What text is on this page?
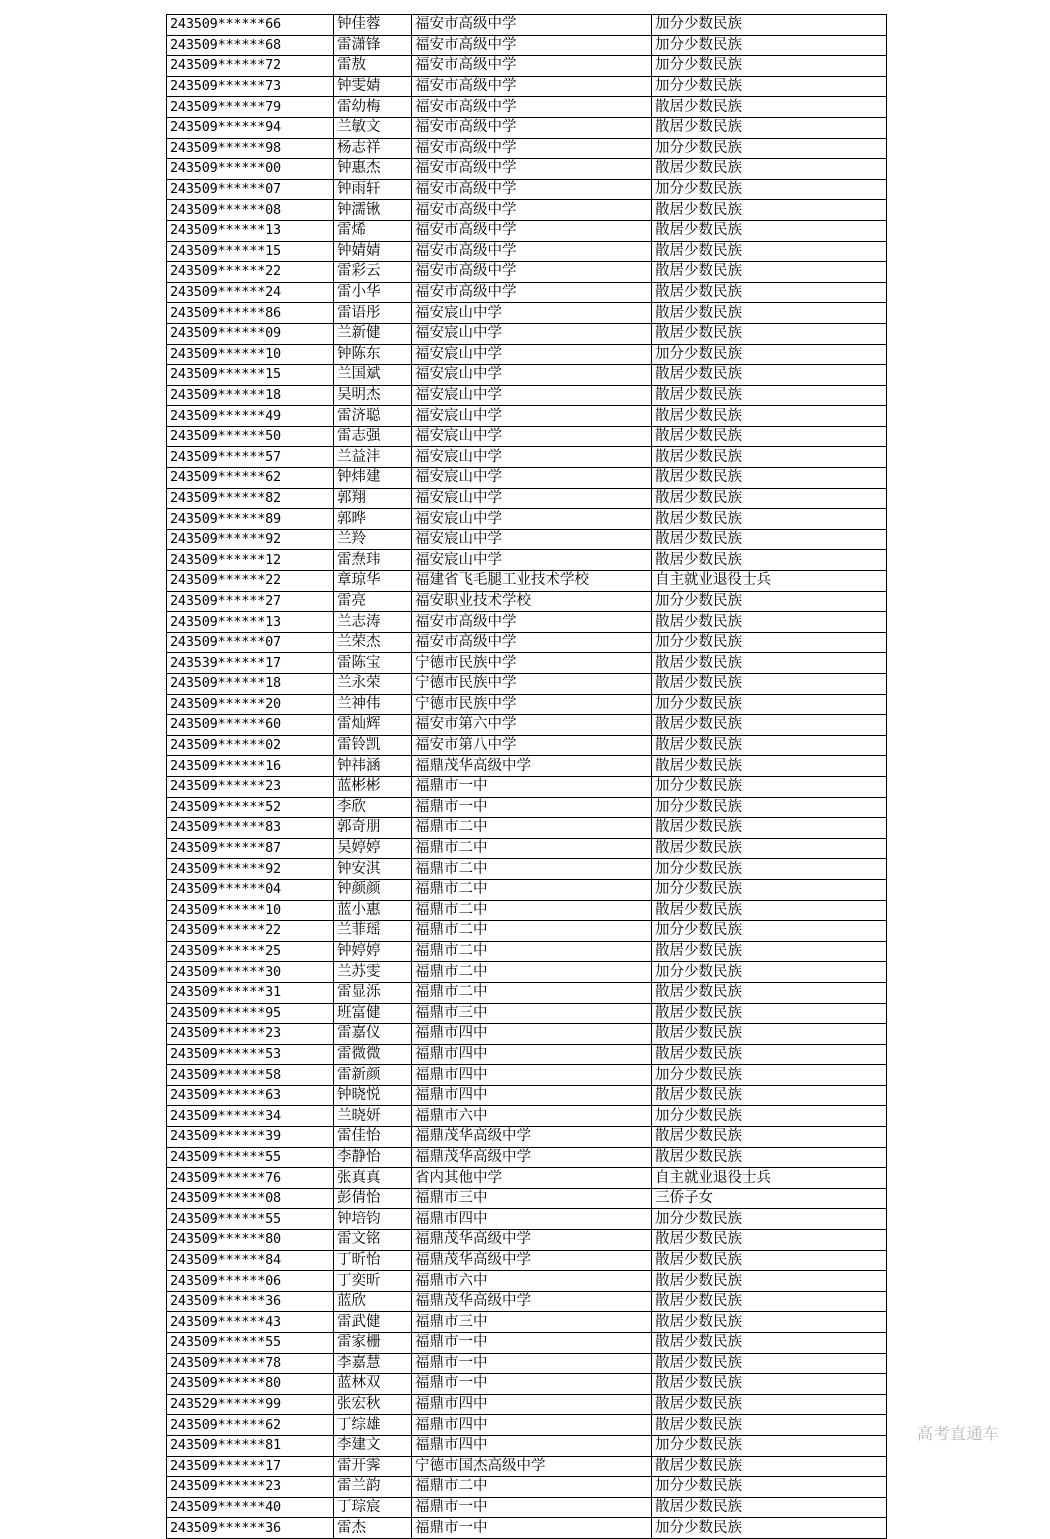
243509******66	钟佳蓉	福安市高级中学	加分少数民族
243509******68	雷潇锋	福安市高级中学	加分少数民族
243509******72	雷敖	福安市高级中学	加分少数民族
243509******73	钟雯婧	福安市高级中学	加分少数民族
243509******79	雷幼梅	福安市高级中学	散居少数民族
243509******94	兰敏文	福安市高级中学	散居少数民族
243509******98	杨志祥	福安市高级中学	加分少数民族
243509******00	钟惠杰	福安市高级中学	散居少数民族
243509******07	钟雨轩	福安市高级中学	加分少数民族
243509******08	钟濡锹	福安市高级中学	散居少数民族
243509******13	雷烯	福安市高级中学	散居少数民族
243509******15	钟婧婧	福安市高级中学	散居少数民族
243509******22	雷彩云	福安市高级中学	散居少数民族
243509******24	雷小华	福安市高级中学	散居少数民族
243509******86	雷语彤	福安宸山中学	散居少数民族
243509******09	兰新健	福安宸山中学	散居少数民族
243509******10	钟陈东	福安宸山中学	加分少数民族
243509******15	兰国斌	福安宸山中学	散居少数民族
243509******18	吴明杰	福安宸山中学	散居少数民族
243509******49	雷济聪	福安宸山中学	散居少数民族
243509******50	雷志强	福安宸山中学	散居少数民族
243509******57	兰益沣	福安宸山中学	散居少数民族
243509******62	钟炜建	福安宸山中学	散居少数民族
243509******82	郭翔	福安宸山中学	散居少数民族
243509******89	郭晔	福安宸山中学	散居少数民族
243509******92	兰羚	福安宸山中学	散居少数民族
243509******12	雷焘玮	福安宸山中学	散居少数民族
243509******22	章琼华	福建省飞毛腿工业技术学校	自主就业退役士兵
243509******27	雷亮	福安职业技术学校	加分少数民族
243509******13	兰志涛	福安市高级中学	散居少数民族
243509******07	兰荣杰	福安市高级中学	加分少数民族
243539******17	雷陈宝	宁德市民族中学	散居少数民族
243509******18	兰永荣	宁德市民族中学	散居少数民族
243509******20	兰神伟	宁德市民族中学	加分少数民族
243509******60	雷灿辉	福安市第六中学	散居少数民族
243509******02	雷铃凯	福安市第八中学	散居少数民族
243509******16	钟祎涵	福鼎茂华高级中学	散居少数民族
243509******23	蓝彬彬	福鼎市一中	加分少数民族
243509******52	李欣	福鼎市一中	加分少数民族
243509******83	郭奇朋	福鼎市二中	散居少数民族
243509******87	吴婷婷	福鼎市二中	散居少数民族
243509******92	钟安淇	福鼎市二中	加分少数民族
243509******04	钟颜颜	福鼎市二中	加分少数民族
243509******10	蓝小惠	福鼎市二中	散居少数民族
243509******22	兰菲瑶	福鼎市二中	加分少数民族
243509******25	钟婷婷	福鼎市二中	散居少数民族
243509******30	兰苏雯	福鼎市二中	加分少数民族
243509******31	雷显泺	福鼎市二中	散居少数民族
243509******95	班富健	福鼎市三中	散居少数民族
243509******23	雷嘉仪	福鼎市四中	散居少数民族
243509******53	雷微微	福鼎市四中	散居少数民族
243509******58	雷新颜	福鼎市四中	加分少数民族
243509******63	钟晓悦	福鼎市四中	散居少数民族
243509******34	兰晓妍	福鼎市六中	加分少数民族
243509******39	雷佳怡	福鼎茂华高级中学	散居少数民族
243509******55	李静怡	福鼎茂华高级中学	散居少数民族
243509******76	张真真	省内其他中学	自主就业退役士兵
243509******08	彭倩怡	福鼎市三中	三侨子女
243509******55	钟培钧	福鼎市四中	加分少数民族
243509******80	雷文铭	福鼎茂华高级中学	散居少数民族
243509******84	丁昕怡	福鼎茂华高级中学	散居少数民族
243509******06	丁奕昕	福鼎市六中	散居少数民族
243509******36	蓝欣	福鼎茂华高级中学	散居少数民族
243509******43	雷武健	福鼎市三中	散居少数民族
243509******55	雷家栅	福鼎市一中	散居少数民族
243509******78	李嘉慧	福鼎市一中	散居少数民族
243509******80	蓝林双	福鼎市一中	散居少数民族
243529******99	张宏秋	福鼎市四中	散居少数民族
243509******62	丁综雄	福鼎市四中	散居少数民族
243509******81	李建文	福鼎市四中	加分少数民族
243509******17	雷开霁	宁德市国杰高级中学	散居少数民族
243509******23	雷兰韵	福鼎市二中	加分少数民族
243509******40	丁琮宸	福鼎市一中	散居少数民族
243509******36	雷杰	福鼎市一中	加分少数民族
高考直通车
